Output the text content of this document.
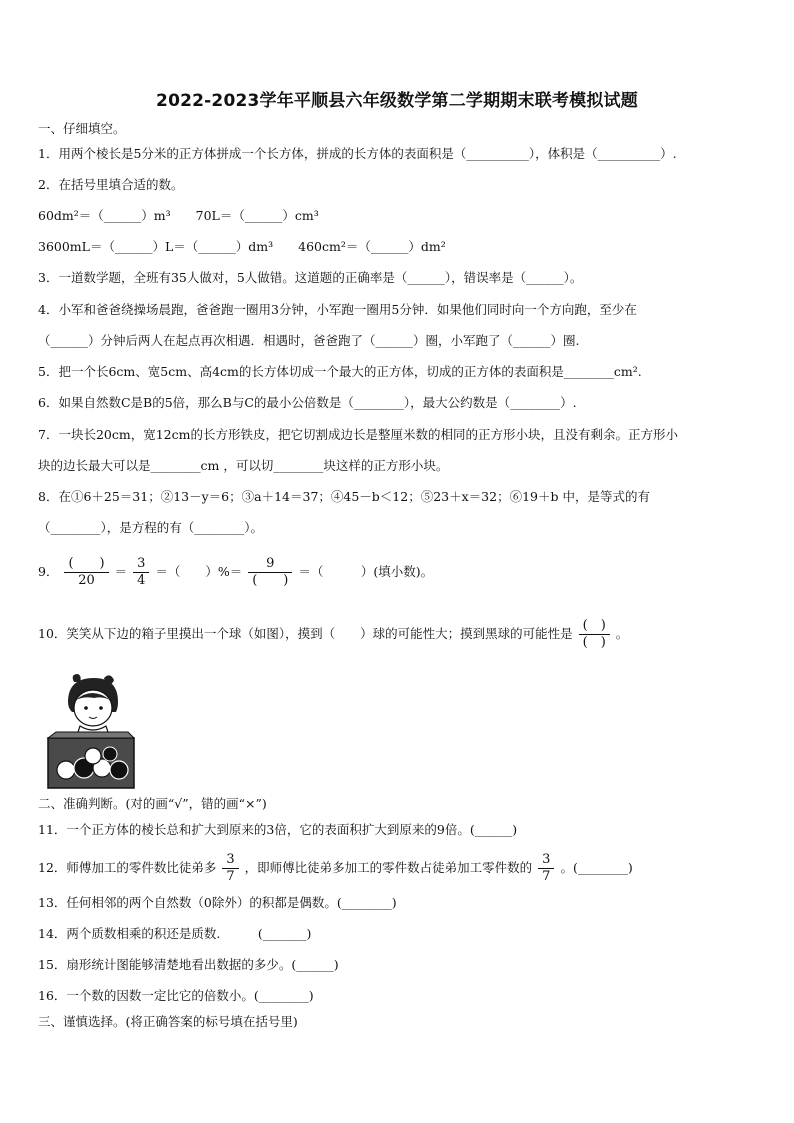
2022-2023学年平顺县六年级数学第二学期期末联考模拟试题
一、仔细填空。
1．用两个棱长是5分米的正方体拼成一个长方体，拼成的长方体的表面积是（__________），体积是（__________）.
2．在括号里填合适的数。
60dm²＝（______）m³　　70L＝（______）cm³
3600mL＝（______）L＝（______）dm³　　460cm²＝（______）dm²
3．一道数学题，全班有35人做对，5人做错。这道题的正确率是（______），错误率是（______）。
4．小军和爸爸绕操场晨跑，爸爸跑一圈用3分钟，小军跑一圈用5分钟．如果他们同时向一个方向跑，至少在
（______）分钟后两人在起点再次相遇．相遇时，爸爸跑了（______）圈，小军跑了（______）圈.
5．把一个长6cm、宽5cm、高4cm的长方体切成一个最大的正方体，切成的正方体的表面积是________cm².
6．如果自然数C是B的5倍，那么B与C的最小公倍数是（________），最大公约数是（________）.
7．一块长20cm，宽12cm的长方形铁皮，把它切割成边长是整厘米数的相同的正方形小块，且没有剩余。正方形小
块的边长最大可以是________cm ，可以切________块这样的正方形小块。
8．在①6＋25＝31；②13－y＝6；③a＋14＝37；④45－b＜12；⑤23＋x＝32；⑥19＋b 中，是等式的有
（________），是方程的有（________）。
9． $\frac{( )}{20} = \frac{3}{4}$ ＝（　　）%＝ $\frac{9}{( )}$ ＝（　　　）(填小数)。
10．笑笑从下边的箱子里摸出一个球（如图），摸到（　　）球的可能性大；摸到黑球的可能性是 $\frac{( )}{( )}$ 。
二、准确判断。(对的画“√”，错的画“×”)
11．一个正方体的棱长总和扩大到原来的3倍，它的表面积扩大到原来的9倍。(______)
12．师傅加工的零件数比徒弟多 $\frac{3}{7}$ ，即师傅比徒弟多加工的零件数占徒弟加工零件数的 $\frac{3}{7}$ 。(________)
13．任何相邻的两个自然数（0除外）的积都是偶数。(________)
14．两个质数相乘的积还是质数.　　　(_______)
15．扇形统计图能够清楚地看出数据的多少。(______)
16．一个数的因数一定比它的倍数小。(________)
三、谨慎选择。(将正确答案的标号填在括号里)
